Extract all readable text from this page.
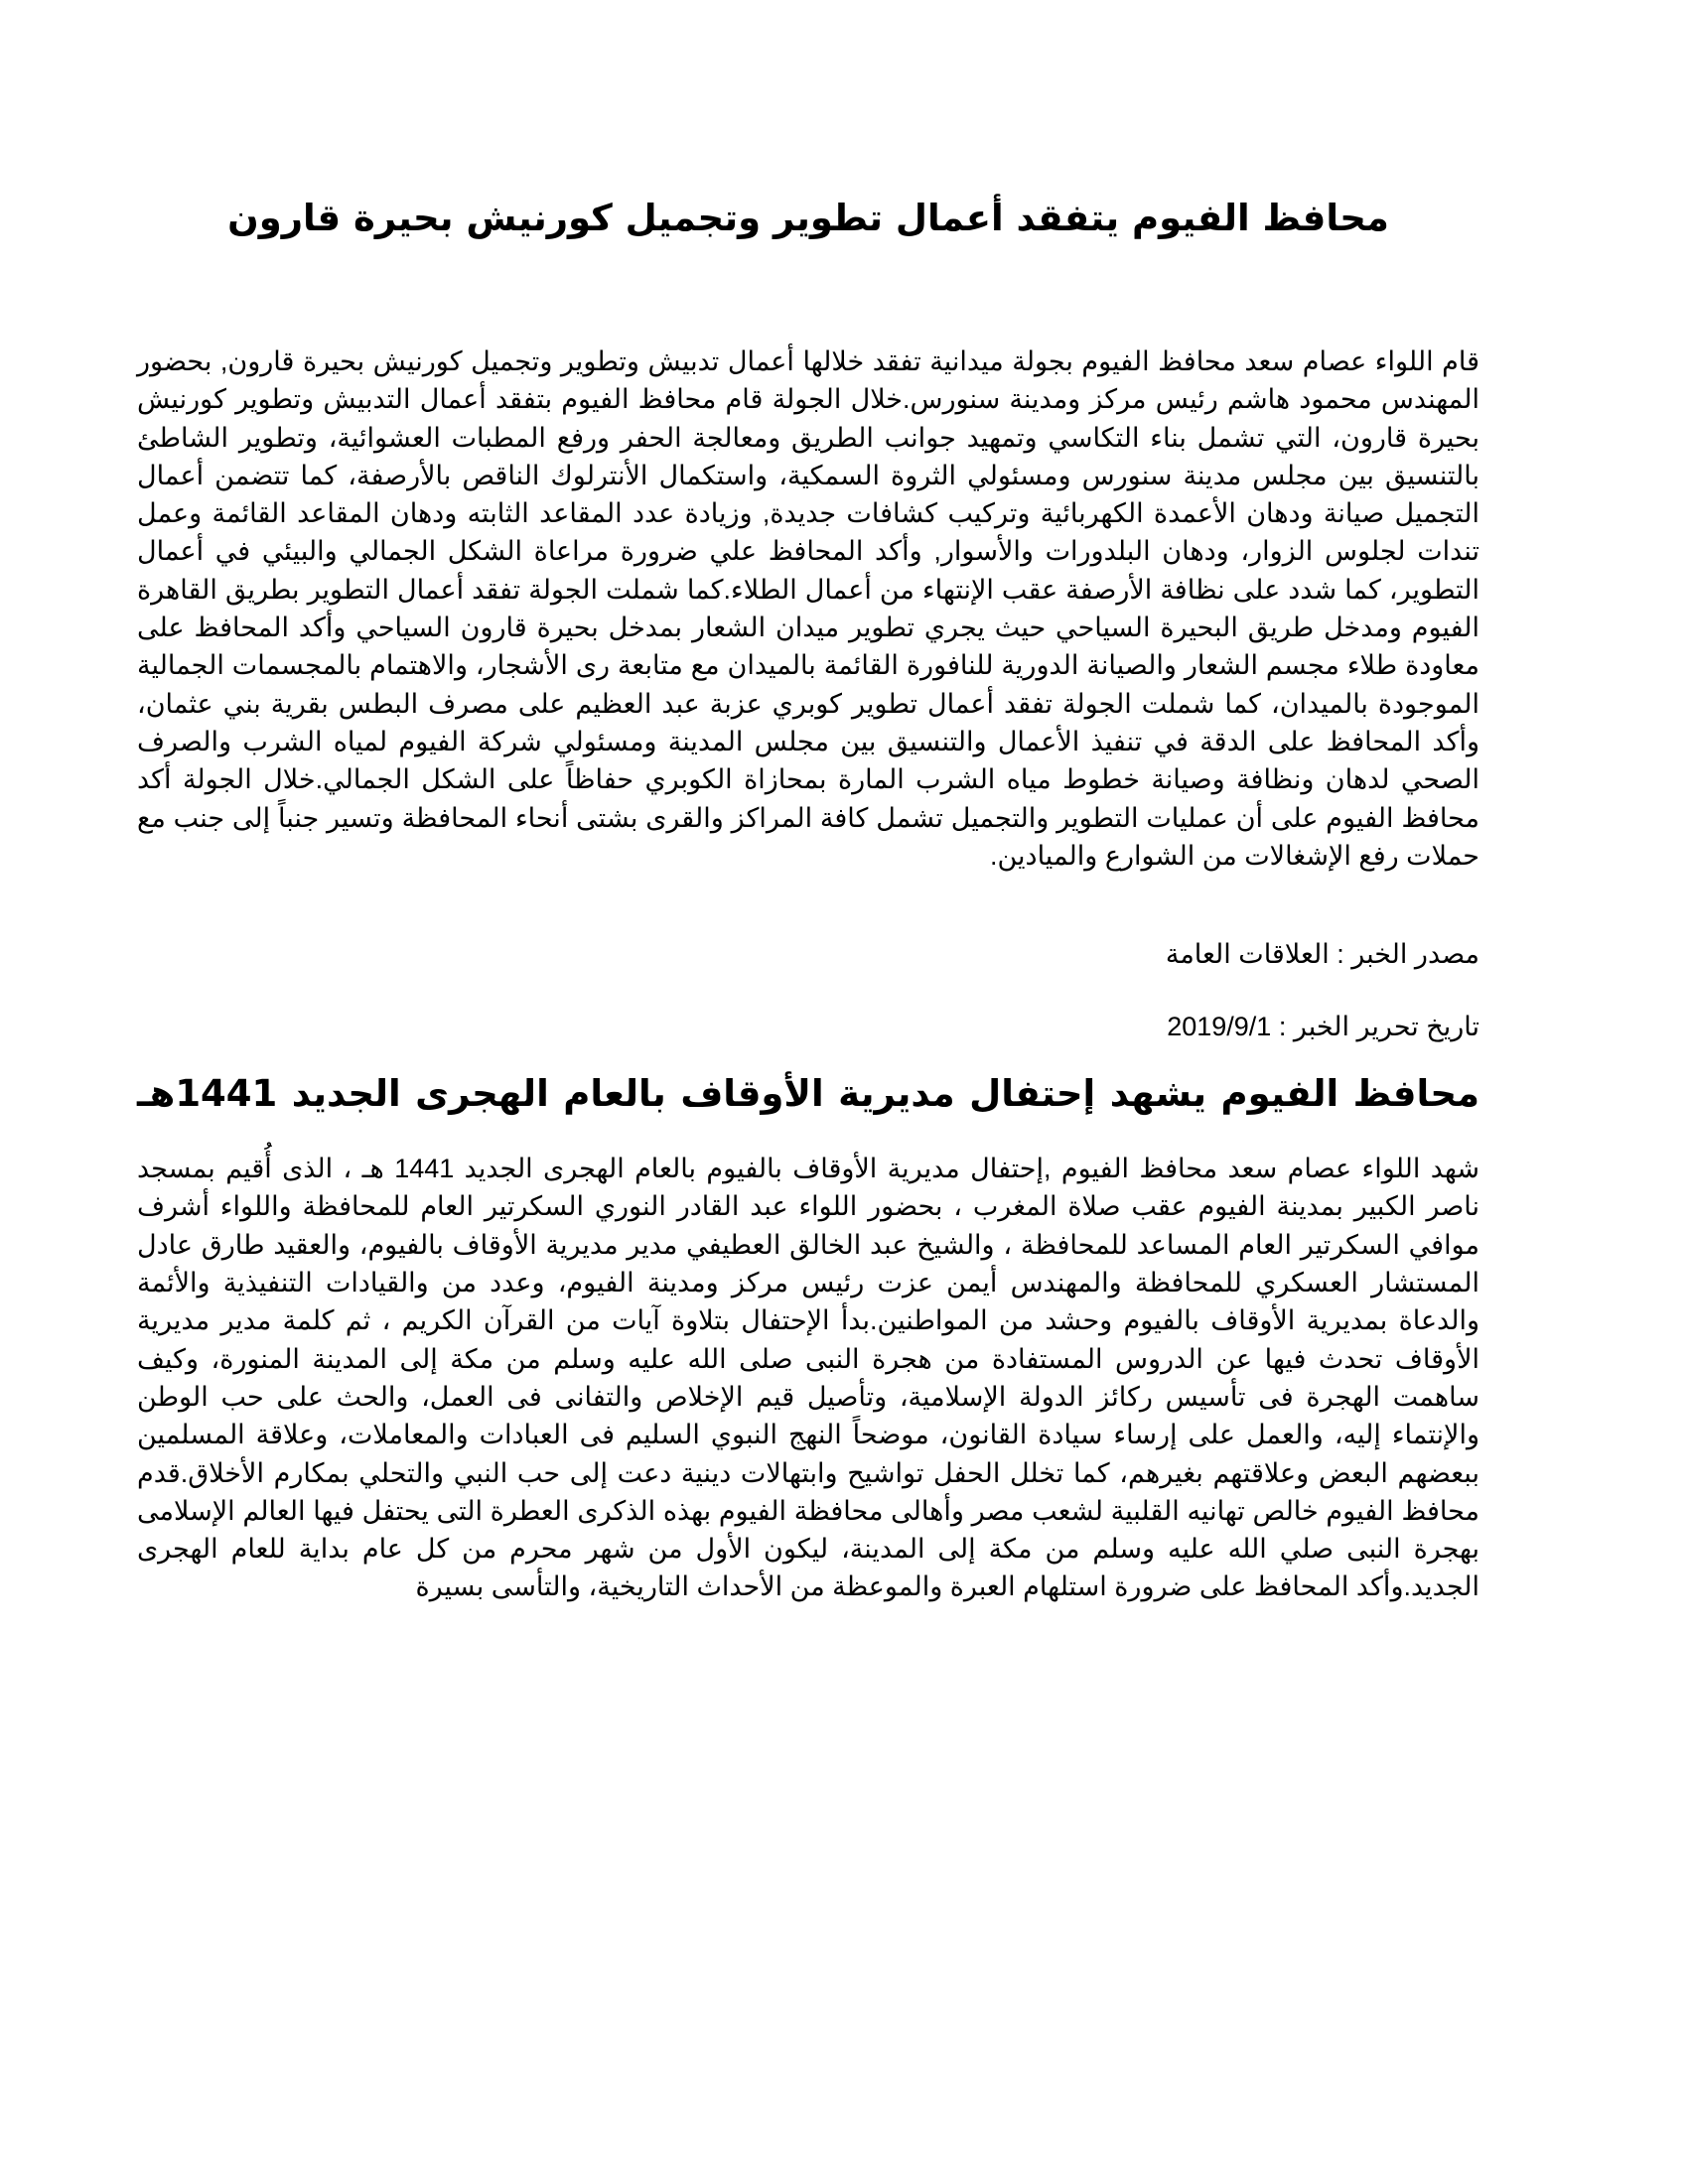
محافظ الفيوم يتفقد أعمال تطوير وتجميل كورنيش بحيرة قارون

قام اللواء عصام سعد محافظ الفيوم بجولة ميدانية تفقد خلالها أعمال تدبيش وتطوير وتجميل كورنيش بحيرة قارون, بحضور المهندس محمود هاشم رئيس مركز ومدينة سنورس.خلال الجولة قام محافظ الفيوم بتفقد أعمال التدبيش وتطوير كورنيش بحيرة قارون، التي تشمل بناء التكاسي وتمهيد جوانب الطريق ومعالجة الحفر ورفع المطبات العشوائية، وتطوير الشاطئ بالتنسيق بين مجلس مدينة سنورس ومسئولي الثروة السمكية، واستكمال الأنترلوك الناقص بالأرصفة، كما تتضمن أعمال التجميل صيانة ودهان الأعمدة الكهربائية وتركيب كشافات جديدة, وزيادة عدد المقاعد الثابته ودهان المقاعد القائمة وعمل تندات لجلوس الزوار، ودهان البلدورات والأسوار, وأكد المحافظ علي ضرورة مراعاة الشكل الجمالي والبيئي في أعمال التطوير، كما شدد على نظافة الأرصفة عقب الإنتهاء من أعمال الطلاء.كما شملت الجولة تفقد أعمال التطوير بطريق القاهرة الفيوم ومدخل طريق البحيرة السياحي حيث يجري تطوير ميدان الشعار بمدخل بحيرة قارون السياحي وأكد المحافظ على معاودة طلاء مجسم الشعار والصيانة الدورية للنافورة القائمة بالميدان مع متابعة رى الأشجار، والاهتمام بالمجسمات الجمالية الموجودة بالميدان، كما شملت الجولة تفقد أعمال تطوير كوبري عزبة عبد العظيم على مصرف البطس بقرية بني عثمان، وأكد المحافظ على الدقة في تنفيذ الأعمال والتنسيق بين مجلس المدينة ومسئولي شركة الفيوم لمياه الشرب والصرف الصحي لدهان ونظافة وصيانة خطوط مياه الشرب المارة بمحازاة الكوبري حفاظاً على الشكل الجمالي.خلال الجولة أكد محافظ الفيوم على أن عمليات التطوير والتجميل تشمل كافة المراكز والقرى بشتى أنحاء المحافظة وتسير جنباً إلى جنب مع حملات رفع الإشغالات من الشوارع والميادين.

مصدر الخبر : العلاقات العامة

تاريخ تحرير الخبر : 2019/9/1

محافظ الفيوم يشهد إحتفال مديرية الأوقاف بالعام الهجرى الجديد 1441هـ

شهد اللواء عصام سعد محافظ الفيوم ,إحتفال مديرية الأوقاف بالفيوم بالعام الهجرى الجديد 1441 هـ ، الذى أُقيم بمسجد ناصر الكبير بمدينة الفيوم عقب صلاة المغرب ، بحضور اللواء عبد القادر النوري السكرتير العام للمحافظة واللواء أشرف موافي السكرتير العام المساعد للمحافظة ، والشيخ عبد الخالق العطيفي مدير مديرية الأوقاف بالفيوم، والعقيد طارق عادل المستشار العسكري للمحافظة والمهندس أيمن عزت رئيس مركز ومدينة الفيوم، وعدد من والقيادات التنفيذية والأئمة والدعاة بمديرية الأوقاف بالفيوم وحشد من المواطنين.بدأ الإحتفال بتلاوة آيات من القرآن الكريم ، ثم كلمة مدير مديرية الأوقاف تحدث فيها عن الدروس المستفادة من هجرة النبى صلى الله عليه وسلم من مكة إلى المدينة المنورة، وكيف ساهمت الهجرة فى تأسيس ركائز الدولة الإسلامية، وتأصيل قيم الإخلاص والتفانى فى العمل، والحث على حب الوطن والإنتماء إليه، والعمل على إرساء سيادة القانون، موضحاً النهج النبوي السليم فى العبادات والمعاملات، وعلاقة المسلمين ببعضهم البعض وعلاقتهم بغيرهم، كما تخلل الحفل تواشيح وابتهالات دينية دعت إلى حب النبي والتحلي بمكارم الأخلاق.قدم محافظ الفيوم خالص تهانيه القلبية لشعب مصر وأهالى محافظة الفيوم بهذه الذكرى العطرة التى يحتفل فيها العالم الإسلامى بهجرة النبى صلي الله عليه وسلم من مكة إلى المدينة، ليكون الأول من شهر محرم من كل عام بداية للعام الهجرى الجديد.وأكد المحافظ على ضرورة استلهام العبرة والموعظة من الأحداث التاريخية، والتأسى بسيرة
